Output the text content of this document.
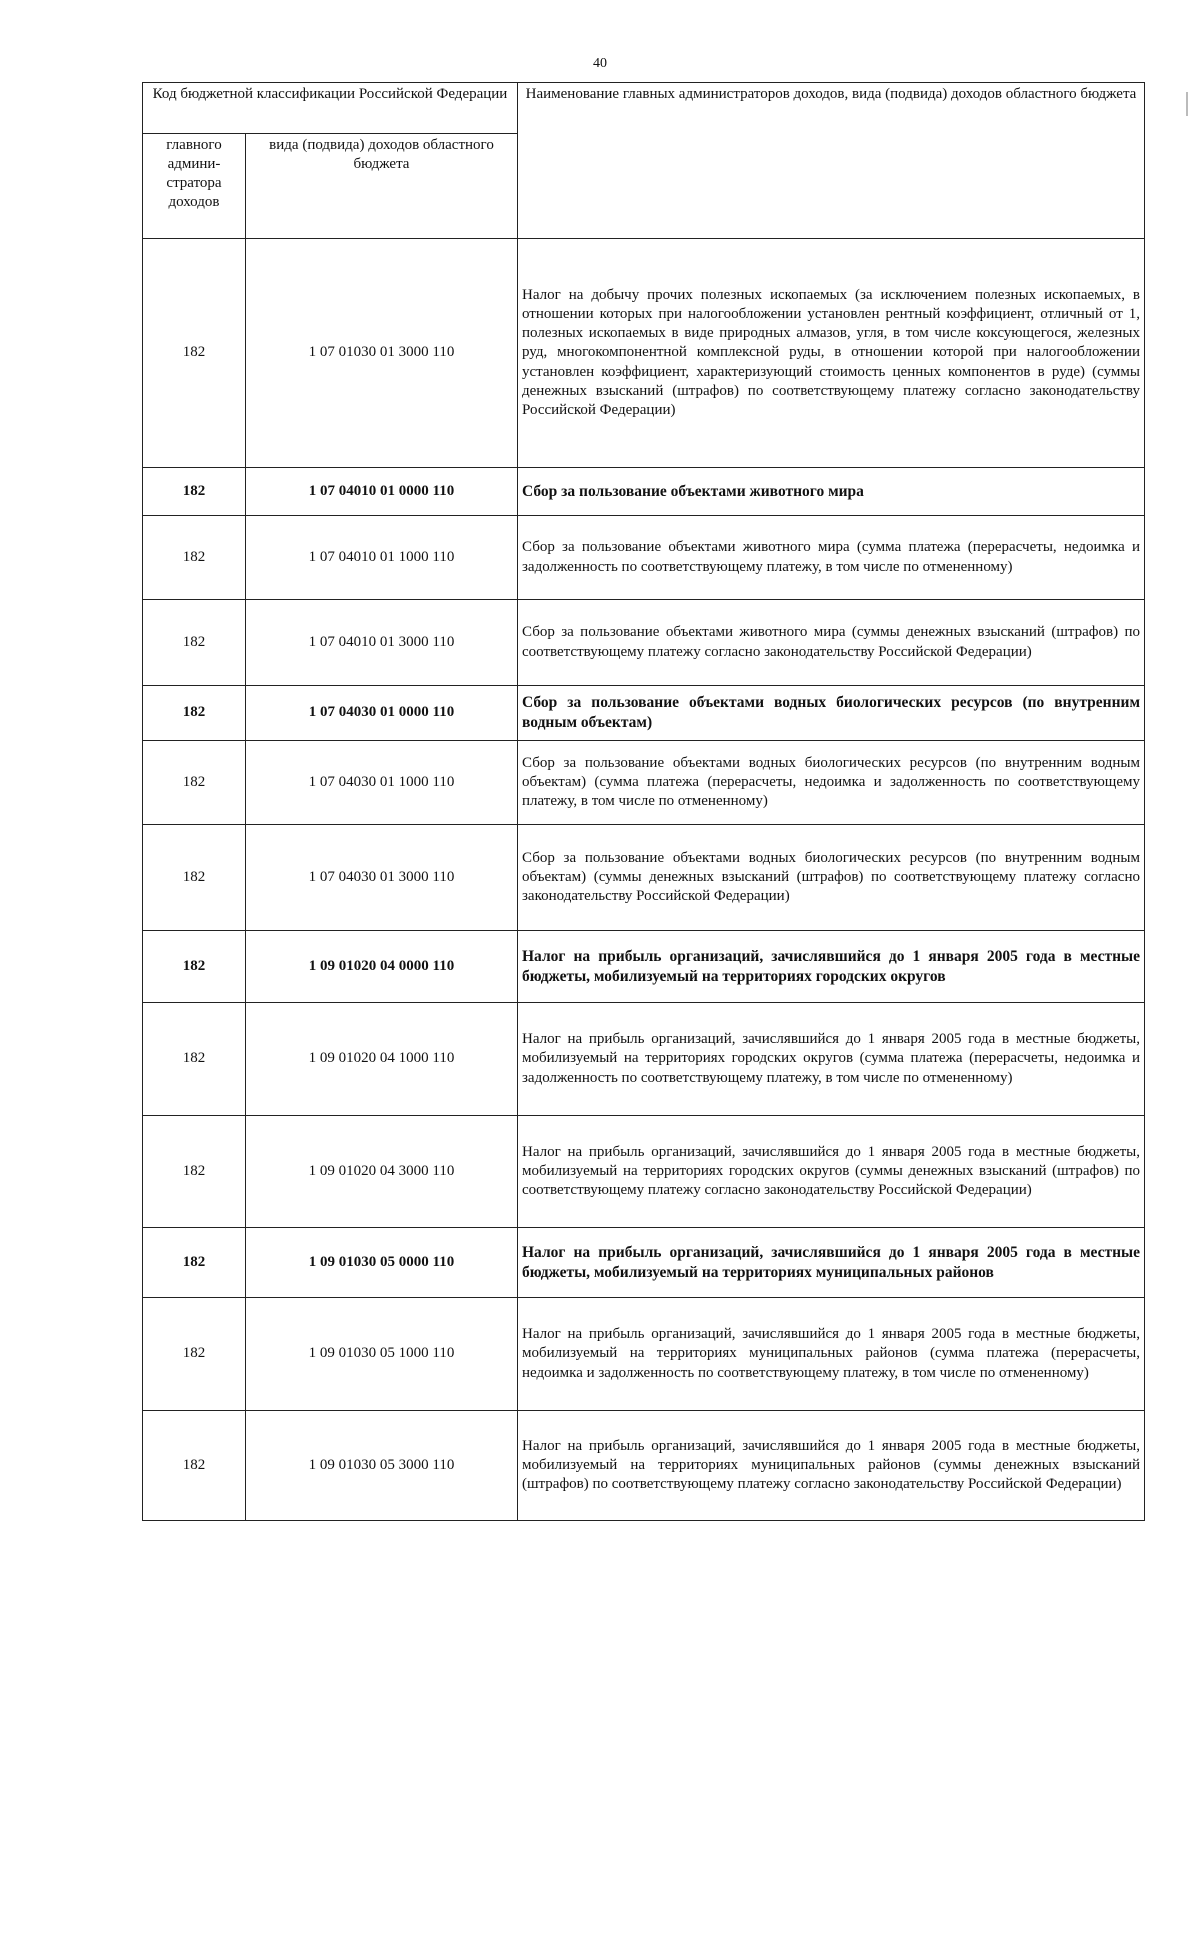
40
Код бюджетной классификации Российской Федерации		Наименование главных администраторов доходов, вида (подвида) доходов областного бюджета
главного админи-стратора доходов	вида (подвида) доходов областного бюджета	
182	1 07 01030 01 3000 110	Налог на добычу прочих полезных ископаемых (за исключением полезных ископаемых, в отношении которых при налогообложении установлен рентный коэффициент, отличный от 1, полезных ископаемых в виде природных алмазов, угля, в том числе коксующегося, железных руд, многокомпонентной комплексной руды, в отношении которой при налогообложении установлен коэффициент, характеризующий стоимость ценных компонентов в руде) (суммы денежных взысканий (штрафов) по соответствующему платежу согласно законодательству Российской Федерации)
182	1 07 04010 01 0000 110	Сбор за пользование объектами животного мира
182	1 07 04010 01 1000 110	Сбор за пользование объектами животного мира (сумма платежа (перерасчеты, недоимка и задолженность по соответствующему платежу, в том числе по отмененному)
182	1 07 04010 01 3000 110	Сбор за пользование объектами животного мира (суммы денежных взысканий (штрафов) по соответствующему платежу согласно законодательству Российской Федерации)
182	1 07 04030 01 0000 110	Сбор за пользование объектами водных биологических ресурсов (по внутренним водным объектам)
182	1 07 04030 01 1000 110	Сбор за пользование объектами водных биологических ресурсов (по внутренним водным объектам) (сумма платежа (перерасчеты, недоимка и задолженность по соответствующему платежу, в том числе по отмененному)
182	1 07 04030 01 3000 110	Сбор за пользование объектами водных биологических ресурсов (по внутренним водным объектам) (суммы денежных взысканий (штрафов) по соответствующему платежу согласно законодательству Российской Федерации)
182	1 09 01020 04 0000 110	Налог на прибыль организаций, зачислявшийся до 1 января 2005 года в местные бюджеты, мобилизуемый на территориях городских округов
182	1 09 01020 04 1000 110	Налог на прибыль организаций, зачислявшийся до 1 января 2005 года в местные бюджеты, мобилизуемый на территориях городских округов (сумма платежа (перерасчеты, недоимка и задолженность по соответствующему платежу, в том числе по отмененному)
182	1 09 01020 04 3000 110	Налог на прибыль организаций, зачислявшийся до 1 января 2005 года в местные бюджеты, мобилизуемый на территориях городских округов (суммы денежных взысканий (штрафов) по соответствующему платежу согласно законодательству Российской Федерации)
182	1 09 01030 05 0000 110	Налог на прибыль организаций, зачислявшийся до 1 января 2005 года в местные бюджеты, мобилизуемый на территориях муниципальных районов
182	1 09 01030 05 1000 110	Налог на прибыль организаций, зачислявшийся до 1 января 2005 года в местные бюджеты, мобилизуемый на территориях муниципальных районов (сумма платежа (перерасчеты, недоимка и задолженность по соответствующему платежу, в том числе по отмененному)
182	1 09 01030 05 3000 110	Налог на прибыль организаций, зачислявшийся до 1 января 2005 года в местные бюджеты, мобилизуемый на территориях муниципальных районов (суммы денежных взысканий (штрафов) по соответствующему платежу согласно законодательству Российской Федерации)
